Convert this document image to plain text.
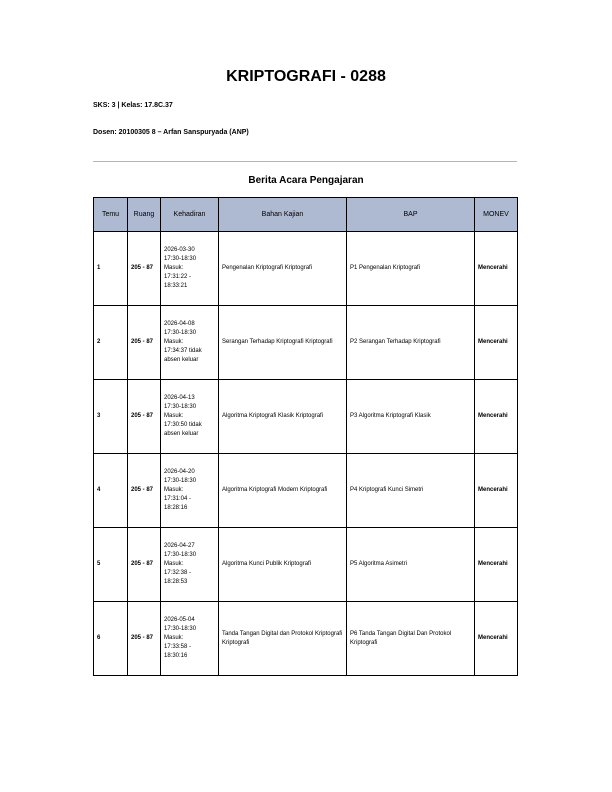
KRIPTOGRAFI - 0288
SKS: 3 | Kelas: 17.8C.37
Dosen: 20100305 8 – Arfan Sanspuryada (ANP)
Berita Acara Pengajaran
Temu	Ruang	Kehadiran	Bahan Kajian	BAP	MONEV
1	205 - 87	2026-03-30
17:30-18:30
Masuk:
17:31:22 -
18:33:21	Pengenalan Kriptografi Kriptografi	P1 Pengenalan Kriptografi	Mencerahi
2	205 - 87	2026-04-08
17:30-18:30
Masuk:
17:34:37 tidak
absen keluar	Serangan Terhadap Kriptografi Kriptografi	P2 Serangan Terhadap Kriptografi	Mencerahi
3	205 - 87	2026-04-13
17:30-18:30
Masuk:
17:30:50 tidak
absen keluar	Algoritma Kriptografi Klasik Kriptografi	P3 Algoritma Kriptografi Klasik	Mencerahi
4	205 - 87	2026-04-20
17:30-18:30
Masuk:
17:31:04 -
18:28:16	Algoritma Kriptografi Modern Kriptografi	P4 Kriptografi Kunci Simetri	Mencerahi
5	205 - 87	2026-04-27
17:30-18:30
Masuk:
17:32:38 -
18:28:53	Algoritma Kunci Publik Kriptografi	P5 Algoritma Asimetri	Mencerahi
6	205 - 87	2026-05-04
17:30-18:30
Masuk:
17:33:58 -
18:30:16	Tanda Tangan Digital dan Protokol Kriptografi Kriptografi	P6 Tanda Tangan Digital Dan Protokol Kriptografi	Mencerahi
